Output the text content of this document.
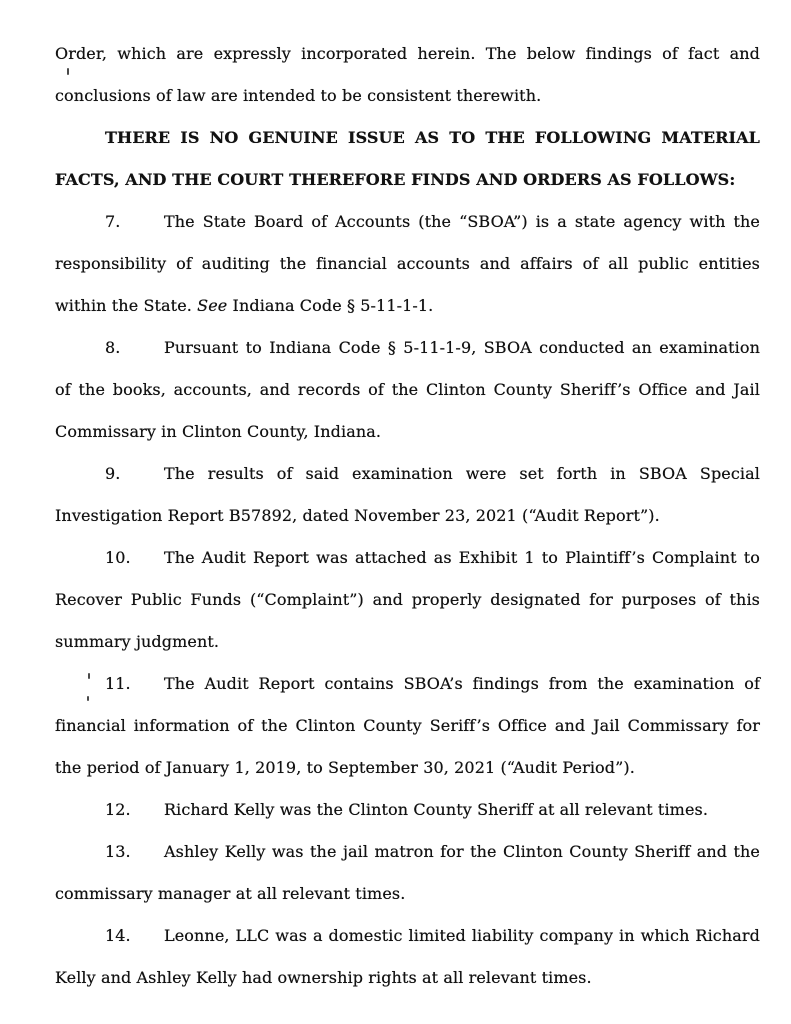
Order, which are expressly incorporated herein. The below findings of fact and conclusions of law are intended to be consistent therewith.

THERE IS NO GENUINE ISSUE AS TO THE FOLLOWING MATERIAL FACTS, AND THE COURT THEREFORE FINDS AND ORDERS AS FOLLOWS:

7.	The State Board of Accounts (the “SBOA”) is a state agency with the responsibility of auditing the financial accounts and affairs of all public entities within the State. See Indiana Code § 5-11-1-1.

8.	Pursuant to Indiana Code § 5-11-1-9, SBOA conducted an examination of the books, accounts, and records of the Clinton County Sheriff’s Office and Jail Commissary in Clinton County, Indiana.

9.	The results of said examination were set forth in SBOA Special Investigation Report B57892, dated November 23, 2021 (“Audit Report”).

10. The Audit Report was attached as Exhibit 1 to Plaintiff’s Complaint to Recover Public Funds (“Complaint”) and properly designated for purposes of this summary judgment.

11. The Audit Report contains SBOA’s findings from the examination of financial information of the Clinton County Seriff’s Office and Jail Commissary for the period of January 1, 2019, to September 30, 2021 (“Audit Period”).

12. Richard Kelly was the Clinton County Sheriff at all relevant times.

13. Ashley Kelly was the jail matron for the Clinton County Sheriff and the commissary manager at all relevant times.

14. Leonne, LLC was a domestic limited liability company in which Richard Kelly and Ashley Kelly had ownership rights at all relevant times.
